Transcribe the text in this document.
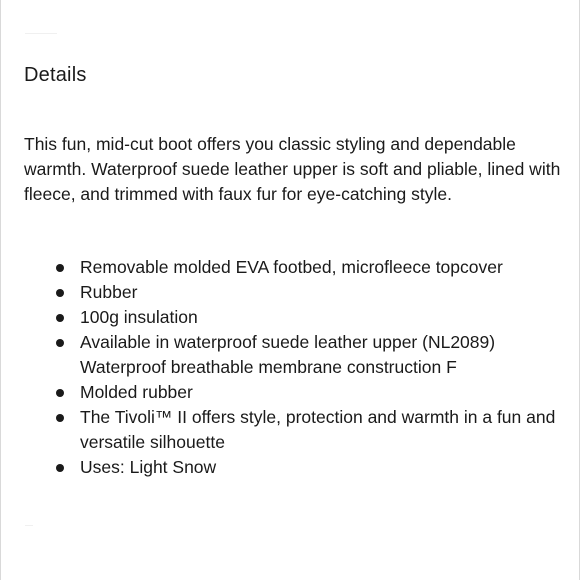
Details

This fun, mid-cut boot offers you classic styling and dependable warmth. Waterproof suede leather upper is soft and pliable, lined with fleece, and trimmed with faux fur for eye-catching style.

Removable molded EVA footbed, microfleece topcover
Rubber
100g insulation
Available in waterproof suede leather upper (NL2089) Waterproof breathable membrane construction F
Molded rubber
The Tivoli™ II offers style, protection and warmth in a fun and versatile silhouette
Uses: Light Snow
